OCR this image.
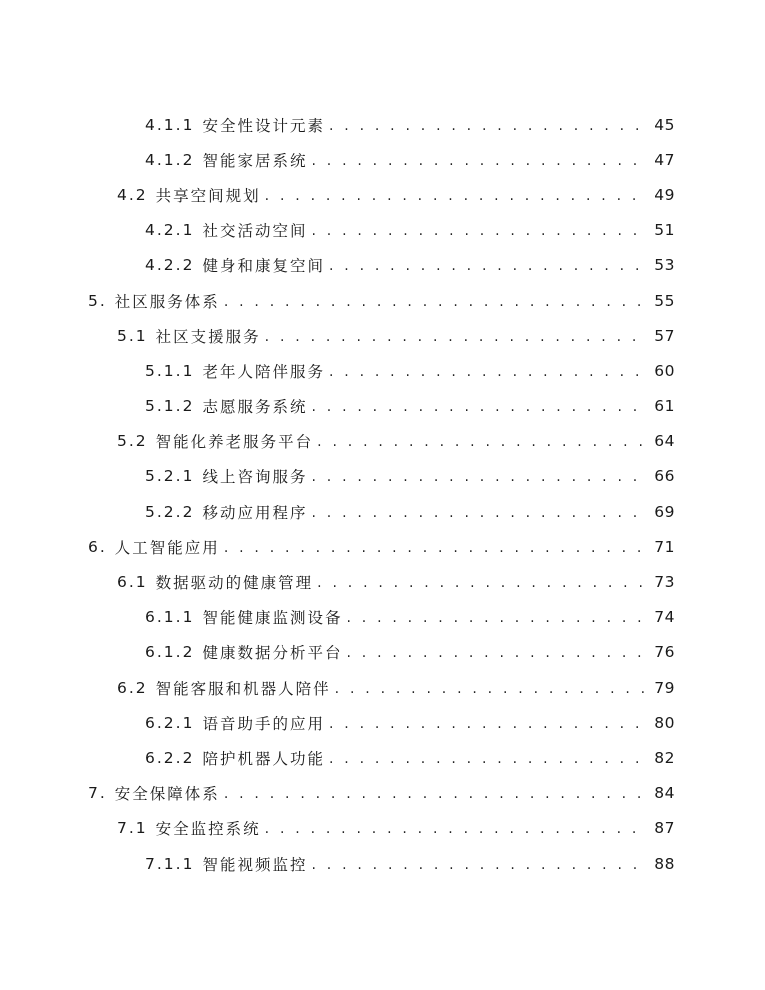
4.1.1 安全性设计元素 . . .	45
4.1.2 智能家居系统 . . .	47
4.2 共享空间规划 . . .	49
4.2.1 社交活动空间 . . .	51
4.2.2 健身和康复空间 . . .	53
5. 社区服务体系 . . .	55
5.1 社区支援服务 . . .	57
5.1.1 老年人陪伴服务 . . .	60
5.1.2 志愿服务系统 . . .	61
5.2 智能化养老服务平台 . . .	64
5.2.1 线上咨询服务 . . .	66
5.2.2 移动应用程序 . . .	69
6. 人工智能应用 . . .	71
6.1 数据驱动的健康管理 . . .	73
6.1.1 智能健康监测设备 . . .	74
6.1.2 健康数据分析平台 . . .	76
6.2 智能客服和机器人陪伴 . . .	79
6.2.1 语音助手的应用 . . .	80
6.2.2 陪护机器人功能 . . .	82
7. 安全保障体系 . . .	84
7.1 安全监控系统 . . .	87
7.1.1 智能视频监控 . . .	88
